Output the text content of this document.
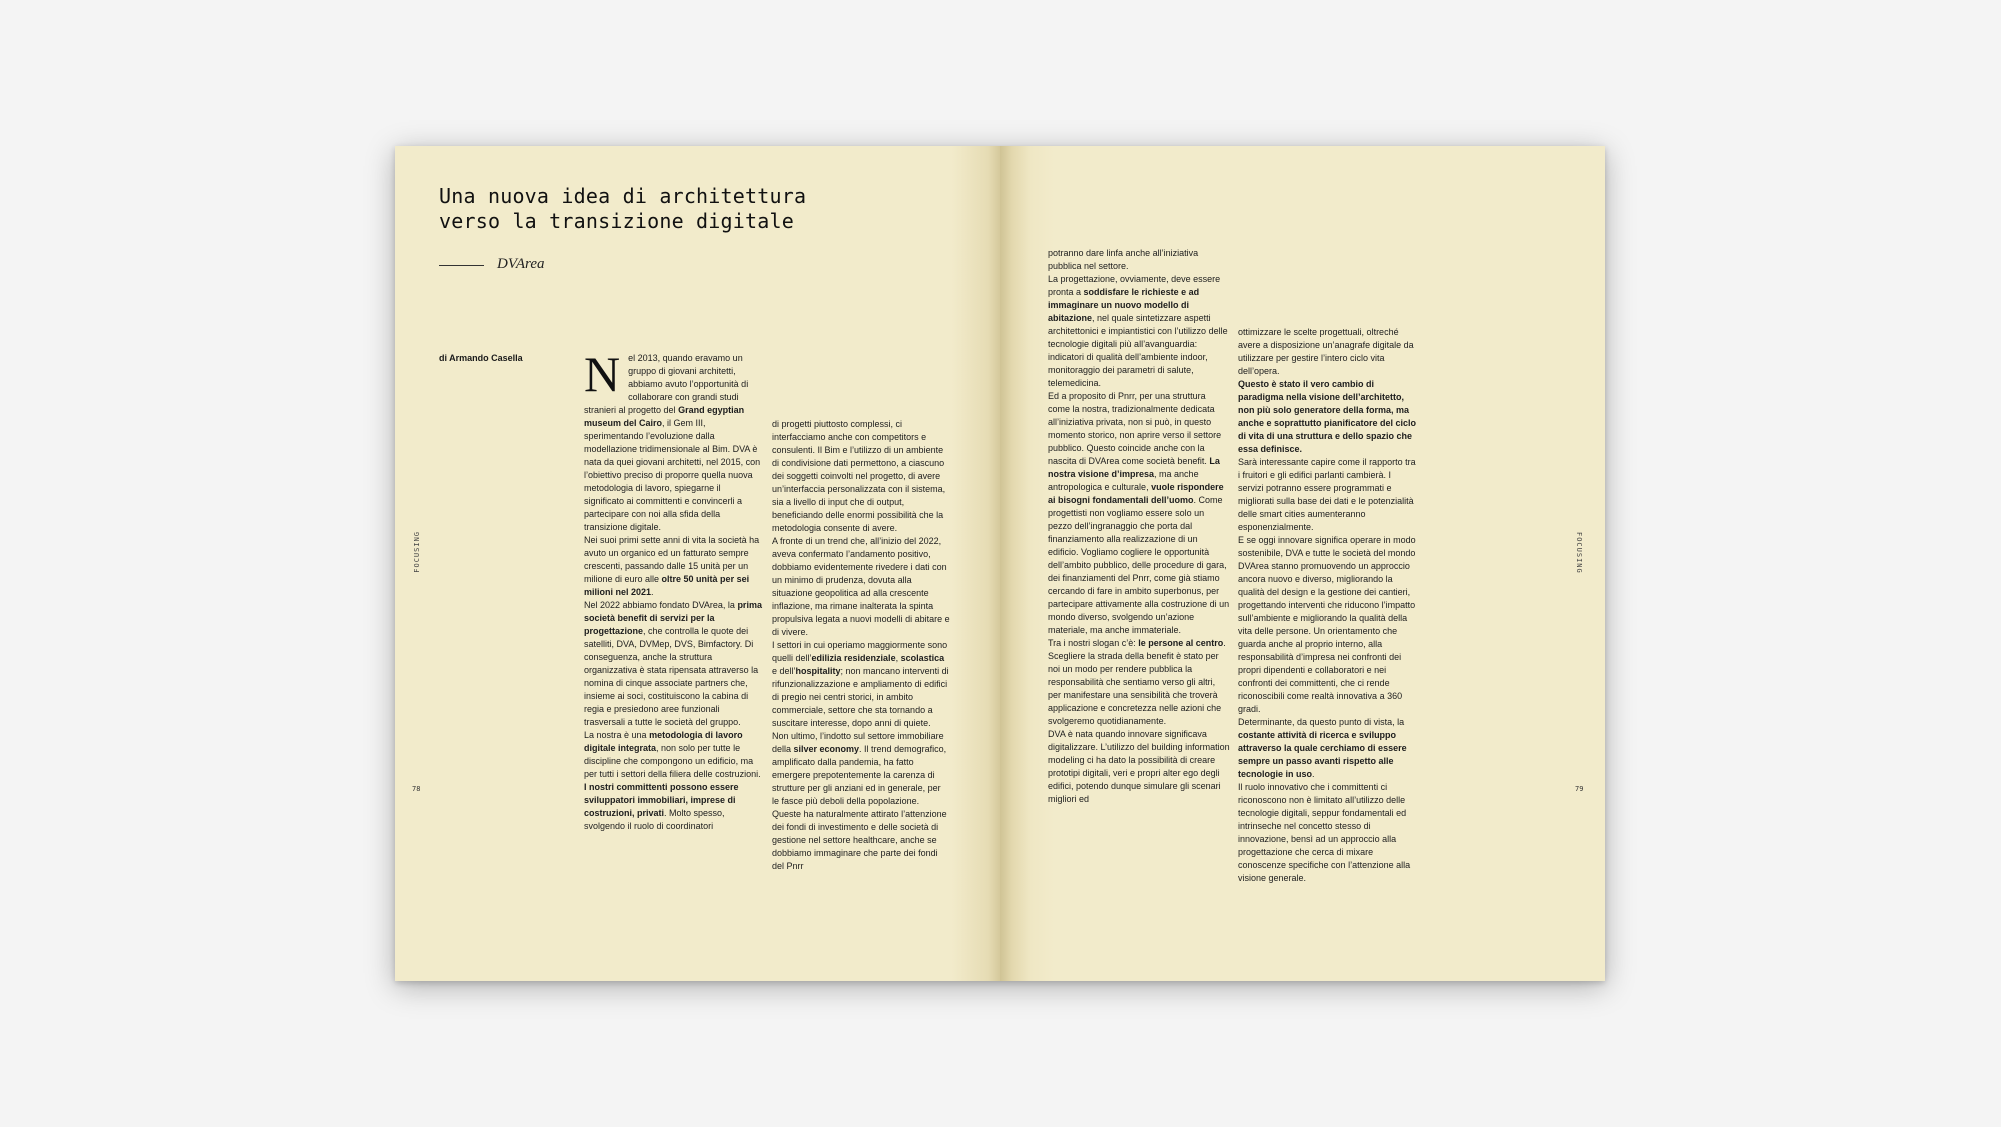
Una nuova idea di architettura
verso la transizione digitale
DVArea
di Armando Casella
FOCUSING
78

Nel 2013, quando eravamo un gruppo di giovani architetti, abbiamo avuto l’opportunità di collaborare con grandi studi stranieri al progetto del Grand egyptian museum del Cairo, il Gem III, sperimentando l’evoluzione dalla modellazione tridimensionale al Bim. DVA è nata da quei giovani architetti, nel 2015, con l’obiettivo preciso di proporre quella nuova metodologia di lavoro, spiegarne il significato ai committenti e convincerli a partecipare con noi alla sfida della transizione digitale.

Nei suoi primi sette anni di vita la società ha avuto un organico ed un fatturato sempre crescenti, passando dalle 15 unità per un milione di euro alle oltre 50 unità per sei milioni nel 2021.

Nel 2022 abbiamo fondato DVArea, la prima società benefit di servizi per la progettazione, che controlla le quote dei satelliti, DVA, DVMep, DVS, Bimfactory. Di conseguenza, anche la struttura organizzativa è stata ripensata attraverso la nomina di cinque associate partners che, insieme ai soci, costituiscono la cabina di regia e presiedono aree funzionali trasversali a tutte le società del gruppo.

La nostra è una metodologia di lavoro digitale integrata, non solo per tutte le discipline che compongono un edificio, ma per tutti i settori della filiera delle costruzioni. I nostri committenti possono essere sviluppatori immobiliari, imprese di costruzioni, privati. Molto spesso, svolgendo il ruolo di coordinatori

di progetti piuttosto complessi, ci interfacciamo anche con competitors e consulenti. Il Bim e l’utilizzo di un ambiente di condivisione dati permettono, a ciascuno dei soggetti coinvolti nel progetto, di avere un’interfaccia personalizzata con il sistema, sia a livello di input che di output, beneficiando delle enormi possibilità che la metodologia consente di avere.

A fronte di un trend che, all’inizio del 2022, aveva confermato l’andamento positivo, dobbiamo evidentemente rivedere i dati con un minimo di prudenza, dovuta alla situazione geopolitica ad alla crescente inflazione, ma rimane inalterata la spinta propulsiva legata a nuovi modelli di abitare e di vivere.

I settori in cui operiamo maggiormente sono quelli dell’edilizia residenziale, scolastica e dell’hospitality; non mancano interventi di rifunzionalizzazione e ampliamento di edifici di pregio nei centri storici, in ambito commerciale, settore che sta tornando a suscitare interesse, dopo anni di quiete.

Non ultimo, l’indotto sul settore immobiliare della silver economy. Il trend demografico, amplificato dalla pandemia, ha fatto emergere prepotentemente la carenza di strutture per gli anziani ed in generale, per le fasce più deboli della popolazione. Queste ha naturalmente attirato l’attenzione dei fondi di investimento e delle società di gestione nel settore healthcare, anche se dobbiamo immaginare che parte dei fondi del Pnrr

potranno dare linfa anche all’iniziativa pubblica nel settore.

La progettazione, ovviamente, deve essere pronta a soddisfare le richieste e ad immaginare un nuovo modello di abitazione, nel quale sintetizzare aspetti architettonici e impiantistici con l’utilizzo delle tecnologie digitali più all’avanguardia: indicatori di qualità dell’ambiente indoor, monitoraggio dei parametri di salute, telemedicina.

Ed a proposito di Pnrr, per una struttura come la nostra, tradizionalmente dedicata all’iniziativa privata, non si può, in questo momento storico, non aprire verso il settore pubblico. Questo coincide anche con la nascita di DVArea come società benefit. La nostra visione d’impresa, ma anche antropologica e culturale, vuole rispondere ai bisogni fondamentali dell’uomo. Come progettisti non vogliamo essere solo un pezzo dell’ingranaggio che porta dal finanziamento alla realizzazione di un edificio. Vogliamo cogliere le opportunità dell’ambito pubblico, delle procedure di gara, dei finanziamenti del Pnrr, come già stiamo cercando di fare in ambito superbonus, per partecipare attivamente alla costruzione di un mondo diverso, svolgendo un’azione materiale, ma anche immateriale.

Tra i nostri slogan c’è: le persone al centro. Scegliere la strada della benefit è stato per noi un modo per rendere pubblica la responsabilità che sentiamo verso gli altri, per manifestare una sensibilità che troverà applicazione e concretezza nelle azioni che svolgeremo quotidianamente.

DVA è nata quando innovare significava digitalizzare. L’utilizzo del building information modeling ci ha dato la possibilità di creare prototipi digitali, veri e propri alter ego degli edifici, potendo dunque simulare gli scenari migliori ed

ottimizzare le scelte progettuali, oltreché avere a disposizione un’anagrafe digitale da utilizzare per gestire l’intero ciclo vita dell’opera.

Questo è stato il vero cambio di paradigma nella visione dell’architetto, non più solo generatore della forma, ma anche e soprattutto pianificatore del ciclo di vita di una struttura e dello spazio che essa definisce.

Sarà interessante capire come il rapporto tra i fruitori e gli edifici parlanti cambierà. I servizi potranno essere programmati e migliorati sulla base dei dati e le potenzialità delle smart cities aumenteranno esponenzialmente.

E se oggi innovare significa operare in modo sostenibile, DVA e tutte le società del mondo DVArea stanno promuovendo un approccio ancora nuovo e diverso, migliorando la qualità del design e la gestione dei cantieri, progettando interventi che riducono l’impatto sull’ambiente e migliorando la qualità della vita delle persone. Un orientamento che guarda anche al proprio interno, alla responsabilità d’impresa nei confronti dei propri dipendenti e collaboratori e nei confronti dei committenti, che ci rende riconoscibili come realtà innovativa a 360 gradi.

Determinante, da questo punto di vista, la costante attività di ricerca e sviluppo attraverso la quale cerchiamo di essere sempre un passo avanti rispetto alle tecnologie in uso.

Il ruolo innovativo che i committenti ci riconoscono non è limitato all’utilizzo delle tecnologie digitali, seppur fondamentali ed intrinseche nel concetto stesso di innovazione, bensì ad un approccio alla progettazione che cerca di mixare conoscenze specifiche con l’attenzione alla visione generale.

FOCUSING
79
